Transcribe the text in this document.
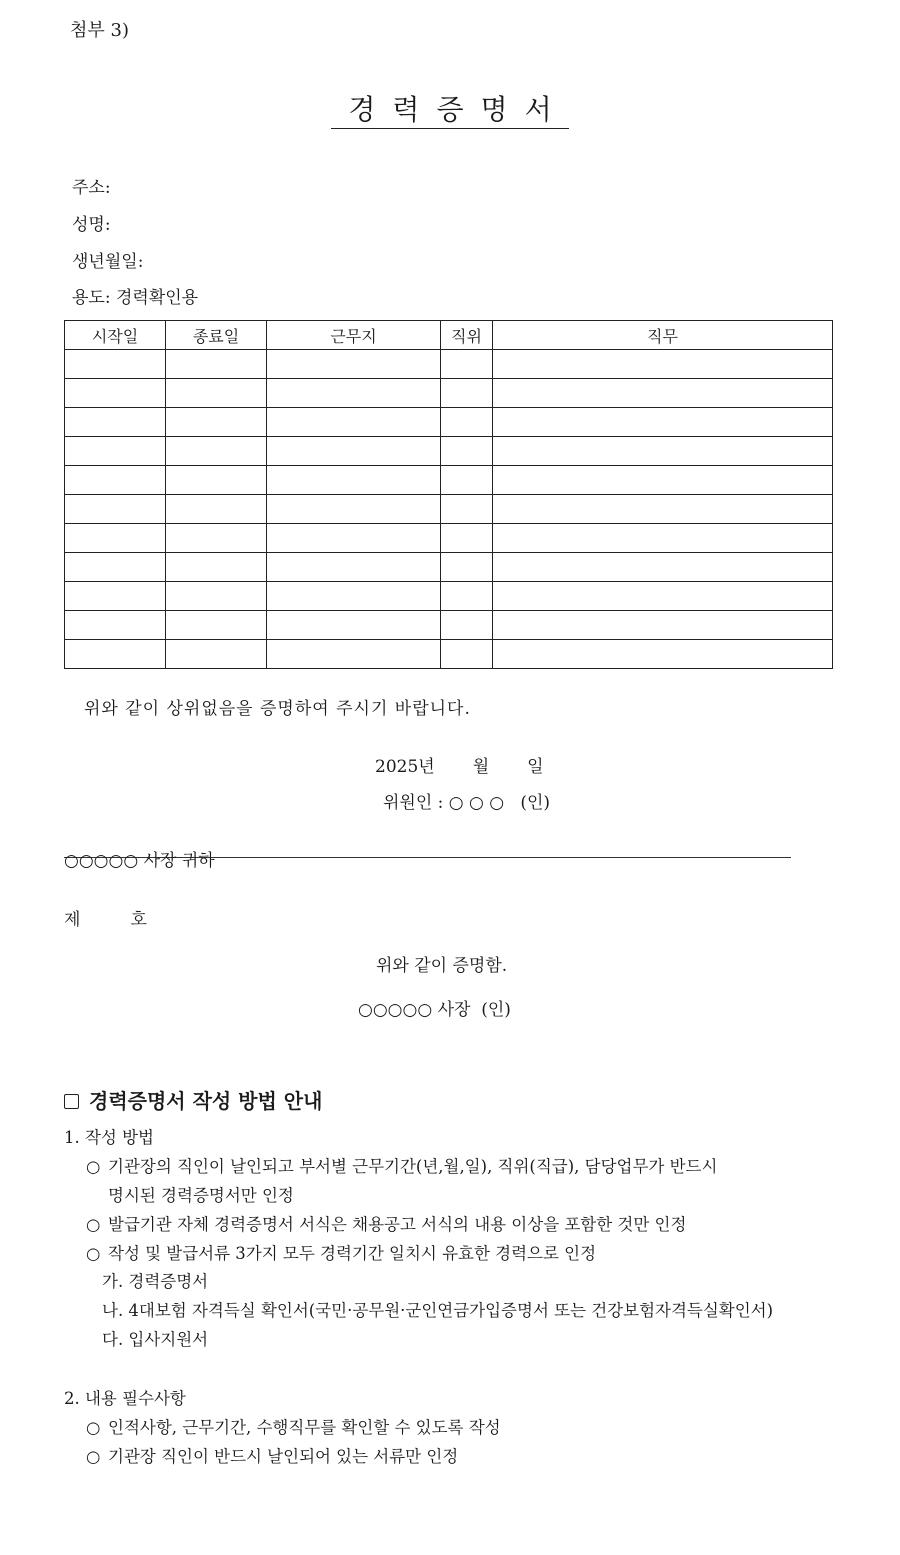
첨부 3)
경력증명서
주소:
성명:
생년월일:
용도: 경력확인용
시작일	종료일	근무지	직위	직무

위와 같이 상위없음을 증명하여 주시기 바랍니다.
2025년 월 일
위원인 : ○ ○ ○   (인)
○○○○○ 사장 귀하
제	호
위와 같이 증명함.
○○○○○ 사장  (인)
경력증명서 작성 방법 안내
1. 작성 방법
○ 기관장의 직인이 날인되고 부서별 근무기간(년,월,일), 직위(직급), 담당업무가 반드시
명시된 경력증명서만 인정
○ 발급기관 자체 경력증명서 서식은 채용공고 서식의 내용 이상을 포함한 것만 인정
○ 작성 및 발급서류 3가지 모두 경력기간 일치시 유효한 경력으로 인정
가. 경력증명서
나. 4대보험 자격득실 확인서(국민·공무원·군인연금가입증명서 또는 건강보험자격득실확인서)
다. 입사지원서
2. 내용 필수사항
○ 인적사항, 근무기간, 수행직무를 확인할 수 있도록 작성
○ 기관장 직인이 반드시 날인되어 있는 서류만 인정
